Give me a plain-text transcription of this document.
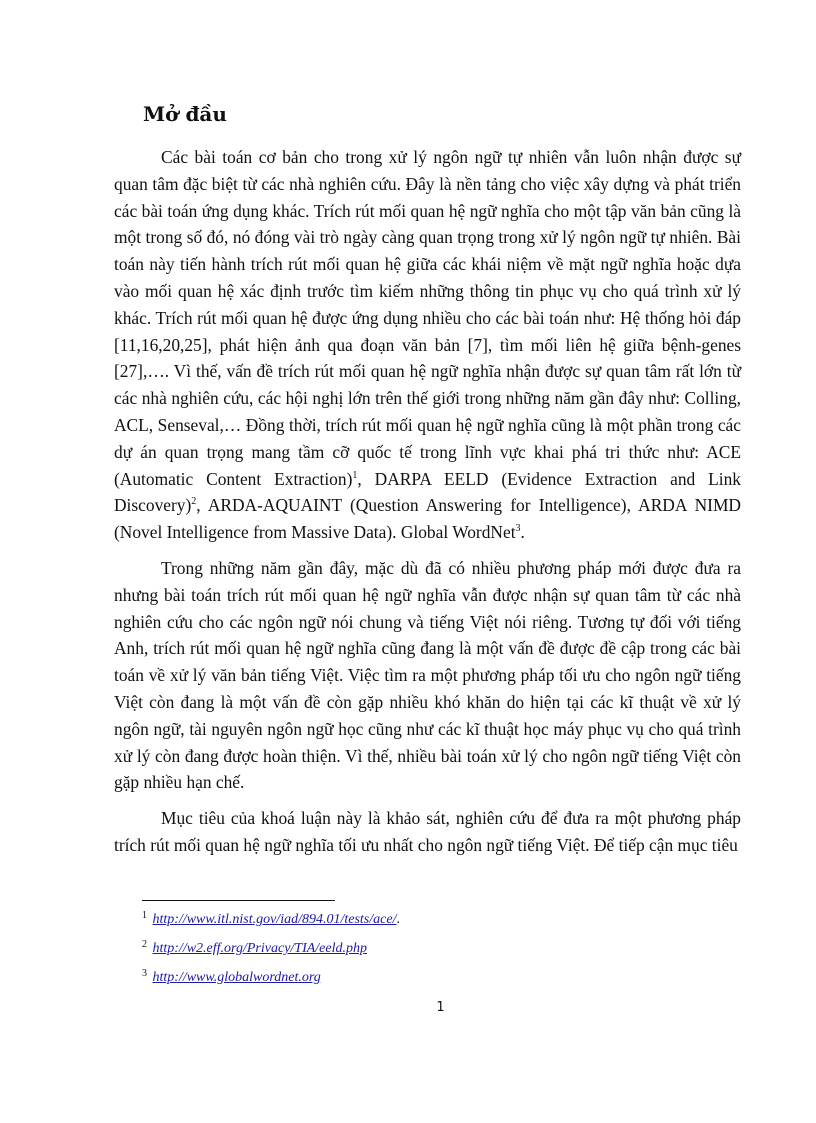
Mở đầu

Các bài toán cơ bản cho trong xử lý ngôn ngữ tự nhiên vẫn luôn nhận được sự quan tâm đặc biệt từ các nhà nghiên cứu. Đây là nền tảng cho việc xây dựng và phát triển các bài toán ứng dụng khác. Trích rút mối quan hệ ngữ nghĩa cho một tập văn bản cũng là một trong số đó, nó đóng vài trò ngày càng quan trọng trong xử lý ngôn ngữ tự nhiên. Bài toán này tiến hành trích rút mối quan hệ giữa các khái niệm về mặt ngữ nghĩa hoặc dựa vào mối quan hệ xác định trước tìm kiếm những thông tin phục vụ cho quá trình xử lý khác. Trích rút mối quan hệ được ứng dụng nhiều cho các bài toán như: Hệ thống hỏi đáp [11,16,20,25], phát hiện ảnh qua đoạn văn bản [7], tìm mối liên hệ giữa bệnh-genes [27],…. Vì thế, vấn đề trích rút mối quan hệ ngữ nghĩa nhận được sự quan tâm rất lớn từ các nhà nghiên cứu, các hội nghị lớn trên thế giới trong những năm gần đây như: Colling, ACL, Senseval,… Đồng thời, trích rút mối quan hệ ngữ nghĩa cũng là một phần trong các dự án quan trọng mang tầm cỡ quốc tế trong lĩnh vực khai phá tri thức như: ACE (Automatic Content Extraction)$^1$, DARPA EELD (Evidence Extraction and Link Discovery)$^2$, ARDA-AQUAINT (Question Answering for Intelligence), ARDA NIMD (Novel Intelligence from Massive Data). Global WordNet$^3$.

Trong những năm gần đây, mặc dù đã có nhiều phương pháp mới được đưa ra nhưng bài toán trích rút mối quan hệ ngữ nghĩa vẫn được nhận sự quan tâm từ các nhà nghiên cứu cho các ngôn ngữ nói chung và tiếng Việt nói riêng. Tương tự đối với tiếng Anh, trích rút mối quan hệ ngữ nghĩa cũng đang là một vấn đề được đề cập trong các bài toán về xử lý văn bản tiếng Việt. Việc tìm ra một phương pháp tối ưu cho ngôn ngữ tiếng Việt còn đang là một vấn đề còn gặp nhiều khó khăn do hiện tại các kĩ thuật về xử lý ngôn ngữ, tài nguyên ngôn ngữ học cũng như các kĩ thuật học máy phục vụ cho quá trình xử lý còn đang được hoàn thiện. Vì thế, nhiều bài toán xử lý cho ngôn ngữ tiếng Việt còn gặp nhiều hạn chế.

Mục tiêu của khoá luận này là khảo sát, nghiên cứu để đưa ra một phương pháp trích rút mối quan hệ ngữ nghĩa tối ưu nhất cho ngôn ngữ tiếng Việt. Để tiếp cận mục tiêu

$^1$ http://www.itl.nist.gov/iad/894.01/tests/ace/.
$^2$ http://w2.eff.org/Privacy/TIA/eeld.php
$^3$ http://www.globalwordnet.org
1
